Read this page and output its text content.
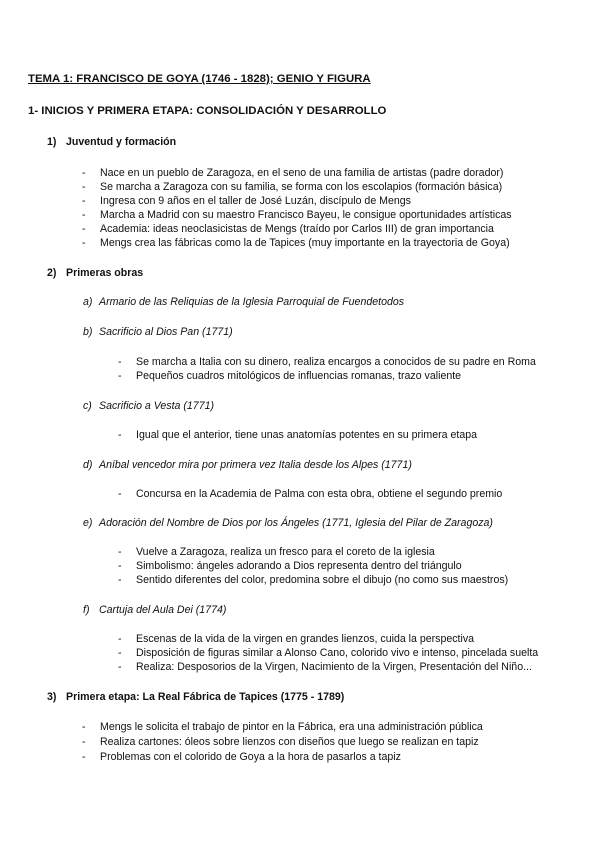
TEMA 1: FRANCISCO DE GOYA (1746 - 1828); GENIO Y FIGURA
1- INICIOS Y PRIMERA ETAPA: CONSOLIDACIÓN Y DESARROLLO
1) Juventud y formación
- Nace en un pueblo de Zaragoza, en el seno de una familia de artistas (padre dorador)
- Se marcha a Zaragoza con su familia, se forma con los escolapios (formación básica)
- Ingresa con 9 años en el taller de José Luzán, discípulo de Mengs
- Marcha a Madrid con su maestro Francisco Bayeu, le consigue oportunidades artísticas
- Academia: ideas neoclasicistas de Mengs (traído por Carlos III) de gran importancia
- Mengs crea las fábricas como la de Tapices (muy importante en la trayectoria de Goya)
2) Primeras obras
a) Armario de las Reliquias de la Iglesia Parroquial de Fuendetodos
b) Sacrificio al Dios Pan (1771)
- Se marcha a Italia con su dinero, realiza encargos a conocidos de su padre en Roma
- Pequeños cuadros mitológicos de influencias romanas, trazo valiente
c) Sacrificio a Vesta (1771)
- Igual que el anterior, tiene unas anatomías potentes en su primera etapa
d) Aníbal vencedor mira por primera vez Italia desde los Alpes (1771)
- Concursa en la Academia de Palma con esta obra, obtiene el segundo premio
e) Adoración del Nombre de Dios por los Ángeles (1771, Iglesia del Pilar de Zaragoza)
- Vuelve a Zaragoza, realiza un fresco para el coreto de la iglesia
- Simbolismo: ángeles adorando a Dios representa dentro del triángulo
- Sentido diferentes del color, predomina sobre el dibujo (no como sus maestros)
f) Cartuja del Aula Dei (1774)
- Escenas de la vida de la virgen en grandes lienzos, cuida la perspectiva
- Disposición de figuras similar a Alonso Cano, colorido vivo e intenso, pincelada suelta
- Realiza: Desposorios de la Virgen, Nacimiento de la Virgen, Presentación del Niño...
3) Primera etapa: La Real Fábrica de Tapices (1775 - 1789)
- Mengs le solicita el trabajo de pintor en la Fábrica, era una administración pública
- Realiza cartones: óleos sobre lienzos con diseños que luego se realizan en tapiz
- Problemas con el colorido de Goya a la hora de pasarlos a tapiz
